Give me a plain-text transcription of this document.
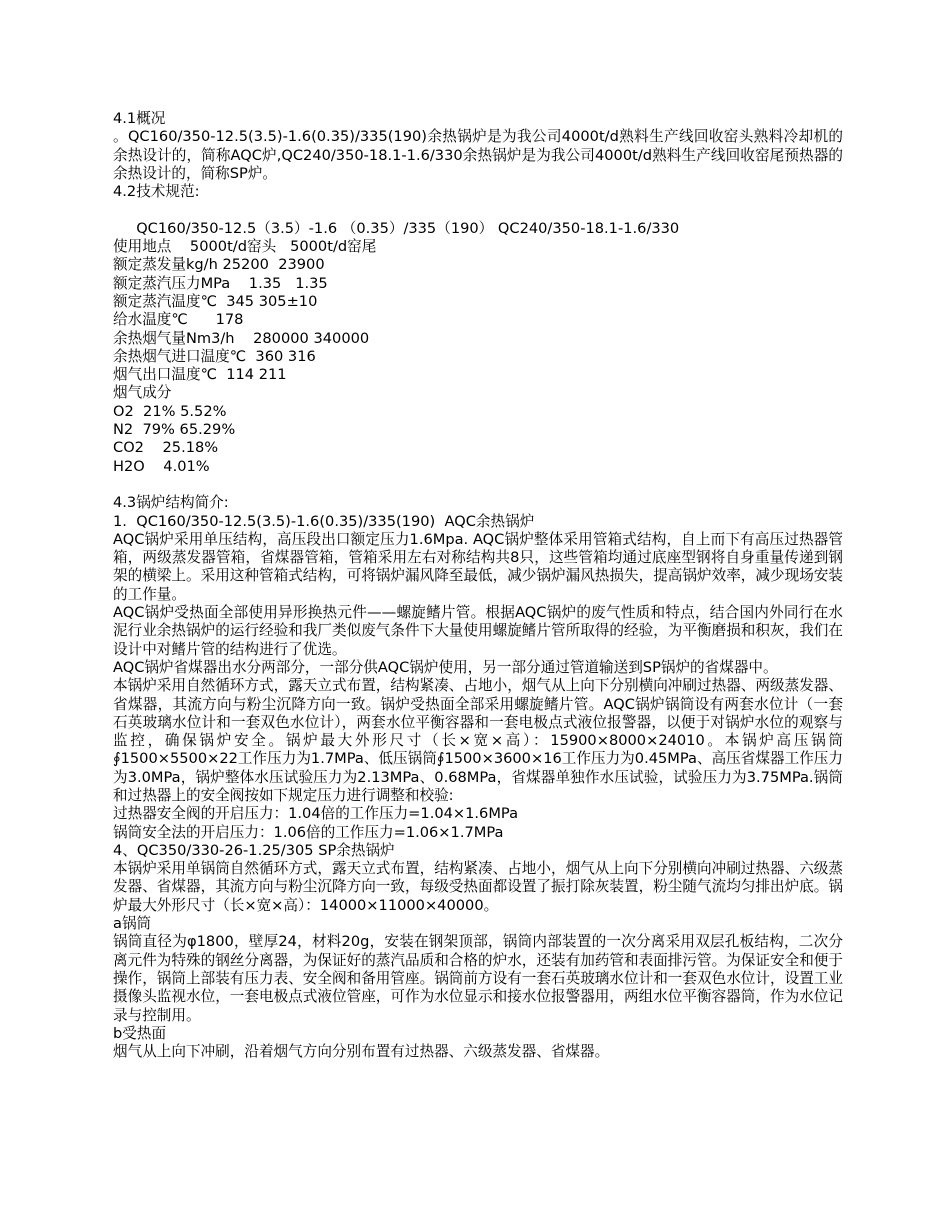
4.1概况
。QC160/350-12.5(3.5)-1.6(0.35)/335(190)余热锅炉是为我公司4000t/d熟料生产线回收窑头熟料冷却机的余热设计的，简称AQC炉,QC240/350-18.1-1.6/330余热锅炉是为我公司4000t/d熟料生产线回收窑尾预热器的余热设计的，简称SP炉。
4.2技术规范:
QC160/350-12.5（3.5）-1.6 （0.35）/335（190） QC240/350-18.1-1.6/330
使用地点    5000t/d窑头   5000t/d窑尾
额定蒸发量kg/h 25200  23900
额定蒸汽压力MPa    1.35   1.35
额定蒸汽温度℃  345 305±10
给水温度℃      178
余热烟气量Nm3/h    280000 340000
余热烟气进口温度℃  360 316
烟气出口温度℃  114 211
烟气成分
O2  21% 5.52%
N2  79% 65.29%
CO2    25.18%
H2O    4.01%
4.3锅炉结构简介:
1.  QC160/350-12.5(3.5)-1.6(0.35)/335(190)  AQC余热锅炉
AQC锅炉采用单压结构，高压段出口额定压力1.6Mpa. AQC锅炉整体采用管箱式结构，自上而下有高压过热器管箱，两级蒸发器管箱，省煤器管箱，管箱采用左右对称结构共8只，这些管箱均通过底座型钢将自身重量传递到钢架的横梁上。采用这种管箱式结构，可将锅炉漏风降至最低，减少锅炉漏风热损失，提高锅炉效率，减少现场安装的工作量。
AQC锅炉受热面全部使用异形换热元件——螺旋鳍片管。根据AQC锅炉的废气性质和特点，结合国内外同行在水泥行业余热锅炉的运行经验和我厂类似废气条件下大量使用螺旋鳍片管所取得的经验，为平衡磨损和积灰，我们在设计中对鳍片管的结构进行了优选。
AQC锅炉省煤器出水分两部分，一部分供AQC锅炉使用，另一部分通过管道输送到SP锅炉的省煤器中。
本锅炉采用自然循环方式，露天立式布置，结构紧凑、占地小，烟气从上向下分别横向冲刷过热器、两级蒸发器、省煤器，其流方向与粉尘沉降方向一致。锅炉受热面全部采用螺旋鳍片管。AQC锅炉锅筒设有两套水位计（一套石英玻璃水位计和一套双色水位计），两套水位平衡容器和一套电极点式液位报警器，以便于对锅炉水位的观察与监控，确保锅炉安全。锅炉最大外形尺寸（长×宽×高）：15900×8000×24010。本锅炉高压锅筒∮1500×5500×22工作压力为1.7MPa、低压锅筒∮1500×3600×16工作压力为0.45MPa、高压省煤器工作压力为3.0MPa，锅炉整体水压试验压力为2.13MPa、0.68MPa，省煤器单独作水压试验，试验压力为3.75MPa.锅筒和过热器上的安全阀按如下规定压力进行调整和校验:
过热器安全阀的开启压力：1.04倍的工作压力=1.04×1.6MPa
锅筒安全法的开启压力：1.06倍的工作压力=1.06×1.7MPa
4、QC350/330-26-1.25/305 SP余热锅炉
本锅炉采用单锅筒自然循环方式，露天立式布置，结构紧凑、占地小，烟气从上向下分别横向冲刷过热器、六级蒸发器、省煤器，其流方向与粉尘沉降方向一致，每级受热面都设置了振打除灰装置，粉尘随气流均匀排出炉底。锅炉最大外形尺寸（长×宽×高）：14000×11000×40000。
a锅筒
锅筒直径为φ1800，壁厚24，材料20g，安装在钢架顶部，锅筒内部装置的一次分离采用双层孔板结构，二次分离元件为特殊的钢丝分离器，为保证好的蒸汽品质和合格的炉水，还装有加药管和表面排污管。为保证安全和便于操作，锅筒上部装有压力表、安全阀和备用管座。锅筒前方设有一套石英玻璃水位计和一套双色水位计，设置工业摄像头监视水位，一套电极点式液位管座，可作为水位显示和接水位报警器用，两组水位平衡容器筒，作为水位记录与控制用。
b受热面
烟气从上向下冲刷，沿着烟气方向分别布置有过热器、六级蒸发器、省煤器。
